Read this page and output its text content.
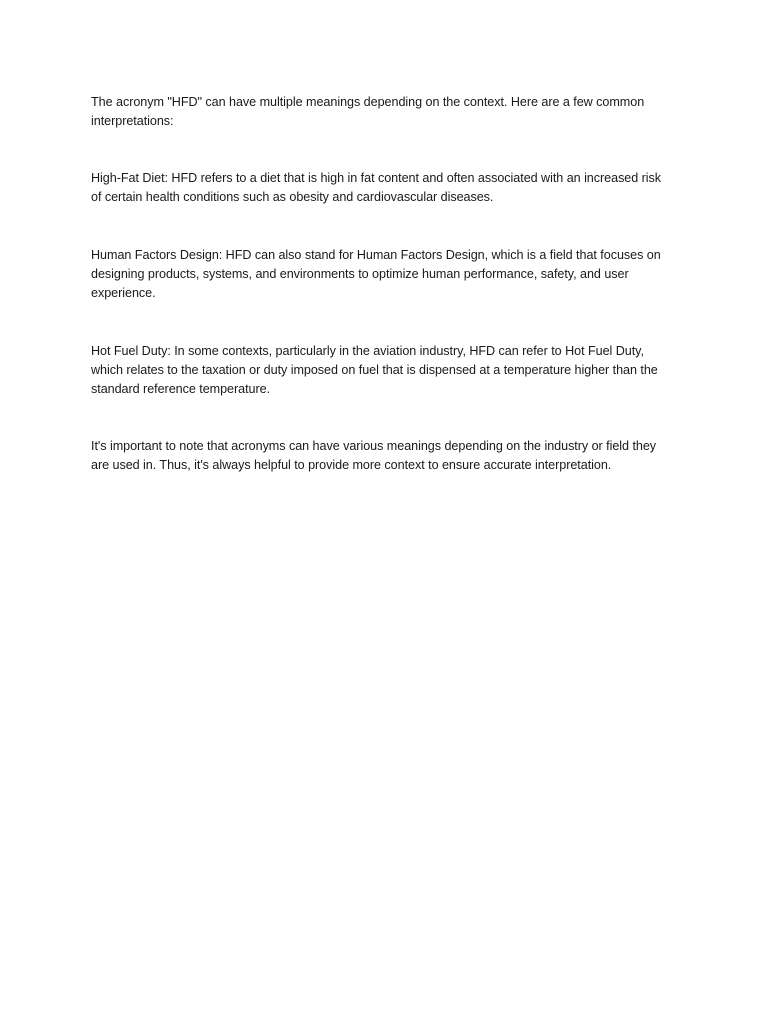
The acronym "HFD" can have multiple meanings depending on the context. Here are a few common
interpretations:

High-Fat Diet: HFD refers to a diet that is high in fat content and often associated with an increased risk
of certain health conditions such as obesity and cardiovascular diseases.

Human Factors Design: HFD can also stand for Human Factors Design, which is a field that focuses on
designing products, systems, and environments to optimize human performance, safety, and user
experience.

Hot Fuel Duty: In some contexts, particularly in the aviation industry, HFD can refer to Hot Fuel Duty,
which relates to the taxation or duty imposed on fuel that is dispensed at a temperature higher than the
standard reference temperature.

It's important to note that acronyms can have various meanings depending on the industry or field they
are used in. Thus, it's always helpful to provide more context to ensure accurate interpretation.
